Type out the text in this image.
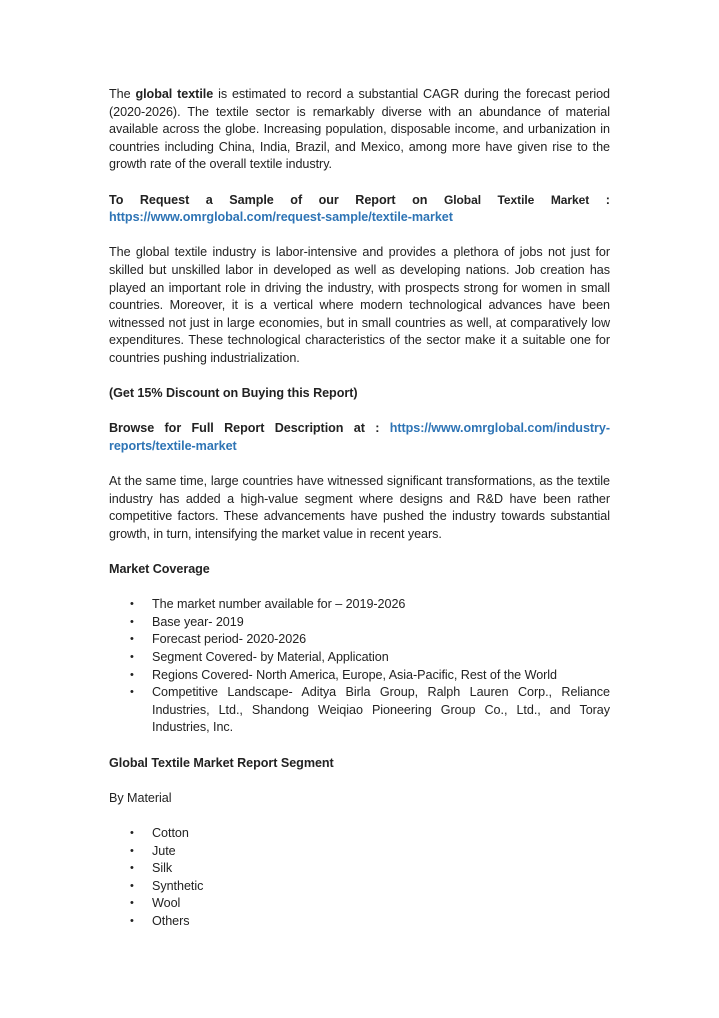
The global textile is estimated to record a substantial CAGR during the forecast period (2020-2026). The textile sector is remarkably diverse with an abundance of material available across the globe. Increasing population, disposable income, and urbanization in countries including China, India, Brazil, and Mexico, among more have given rise to the growth rate of the overall textile industry.

To Request a Sample of our Report on Global Textile Market :
https://www.omrglobal.com/request-sample/textile-market

The global textile industry is labor-intensive and provides a plethora of jobs not just for skilled but unskilled labor in developed as well as developing nations. Job creation has played an important role in driving the industry, with prospects strong for women in small countries. Moreover, it is a vertical where modern technological advances have been witnessed not just in large economies, but in small countries as well, at comparatively low expenditures. These technological characteristics of the sector make it a suitable one for countries pushing industrialization.

(Get 15% Discount on Buying this Report)

Browse for Full Report Description at : https://www.omrglobal.com/industry-reports/textile-market

At the same time, large countries have witnessed significant transformations, as the textile industry has added a high-value segment where designs and R&D have been rather competitive factors. These advancements have pushed the industry towards substantial growth, in turn, intensifying the market value in recent years.

Market Coverage

• The market number available for – 2019-2026
• Base year- 2019
• Forecast period- 2020-2026
• Segment Covered- by Material, Application
• Regions Covered- North America, Europe, Asia-Pacific, Rest of the World
• Competitive Landscape- Aditya Birla Group, Ralph Lauren Corp., Reliance Industries, Ltd., Shandong Weiqiao Pioneering Group Co., Ltd., and Toray Industries, Inc.

Global Textile Market Report Segment

By Material

• Cotton
• Jute
• Silk
• Synthetic
• Wool
• Others
